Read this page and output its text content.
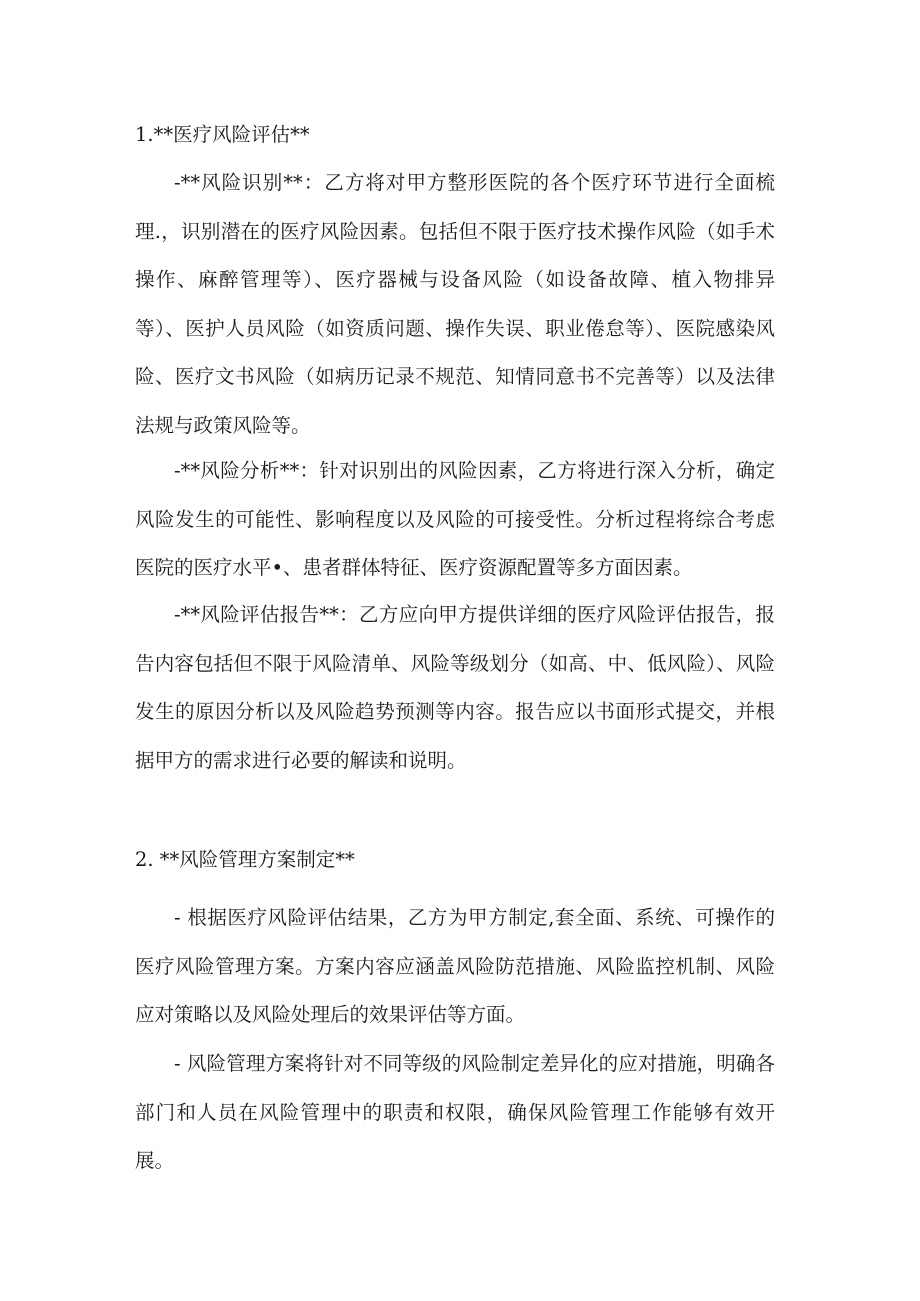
1.**医疗风险评估**

-**风险识别**：乙方将对甲方整形医院的各个医疗环节进行全面梳理.，识别潜在的医疗风险因素。包括但不限于医疗技术操作风险（如手术操作、麻醉管理等）、医疗器械与设备风险（如设备故障、植入物排异等）、医护人员风险（如资质问题、操作失误、职业倦怠等）、医院感染风险、医疗文书风险（如病历记录不规范、知情同意书不完善等）以及法律法规与政策风险等。

-**风险分析**：针对识别出的风险因素，乙方将进行深入分析，确定风险发生的可能性、影响程度以及风险的可接受性。分析过程将综合考虑医院的医疗水平•、患者群体特征、医疗资源配置等多方面因素。

-**风险评估报告**：乙方应向甲方提供详细的医疗风险评估报告，报告内容包括但不限于风险清单、风险等级划分（如高、中、低风险）、风险发生的原因分析以及风险趋势预测等内容。报告应以书面形式提交，并根据甲方的需求进行必要的解读和说明。

2. **风险管理方案制定**

- 根据医疗风险评估结果，乙方为甲方制定,套全面、系统、可操作的医疗风险管理方案。方案内容应涵盖风险防范措施、风险监控机制、风险应对策略以及风险处理后的效果评估等方面。

- 风险管理方案将针对不同等级的风险制定差异化的应对措施，明确各部门和人员在风险管理中的职责和权限，确保风险管理工作能够有效开展。
